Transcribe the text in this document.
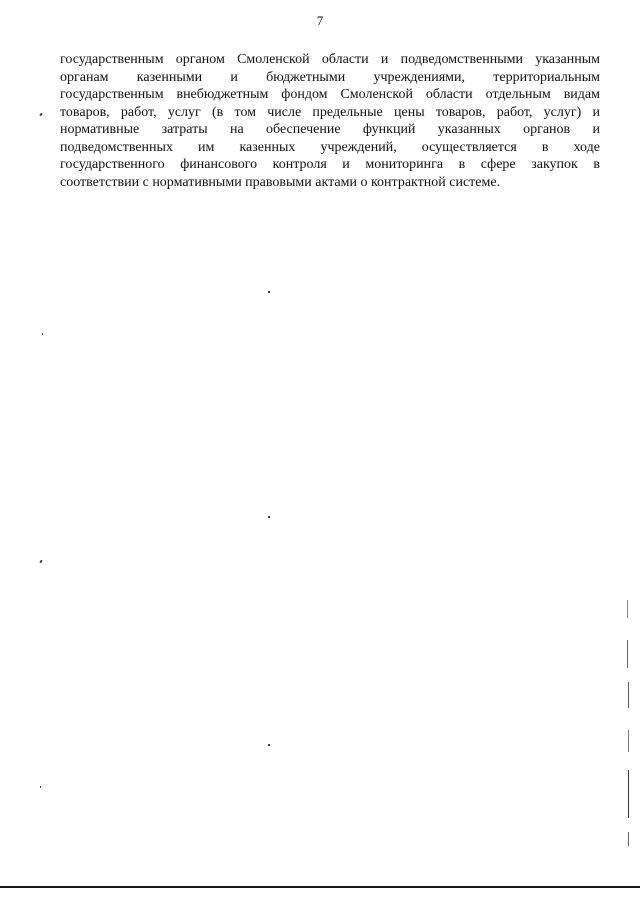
7
государственным органом Смоленской области и подведомственными указанным
органам казенными и бюджетными учреждениями, территориальным
государственным внебюджетным фондом Смоленской области отдельным видам
товаров, работ, услуг (в том числе предельные цены товаров, работ, услуг) и
нормативные затраты на обеспечение функций указанных органов и
подведомственных им казенных учреждений, осуществляется в ходе
государственного финансового контроля и мониторинга в сфере закупок в
соответствии с нормативными правовыми актами о контрактной системе.
